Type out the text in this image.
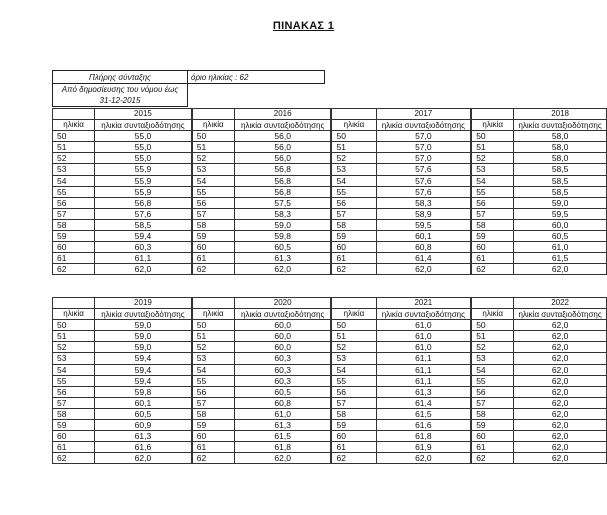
ΠΙΝΑΚΑΣ 1
Πλήρης σύνταξης	όριο ηλικίας : 62
Από δημοσίευσης του νόμου έως 31-12-2015	
	2015
ηλικία	ηλικία συνταξιοδότησης
50	55,0
51	55,0
52	55,0
53	55,9
54	55,9
55	55,9
56	56,8
57	57,6
58	58,5
59	59,4
60	60,3
61	61,1
62	62,0
	2016
ηλικία	ηλικία συνταξιοδότησης
50	56,0
51	56,0
52	56,0
53	56,8
54	56,8
55	56,8
56	57,5
57	58,3
58	59,0
59	59,8
60	60,5
61	61,3
62	62,0
	2017
ηλικία	ηλικία συνταξιοδότησης
50	57,0
51	57,0
52	57,0
53	57,6
54	57,6
55	57,6
56	58,3
57	58,9
58	59,5
59	60,1
60	60,8
61	61,4
62	62,0
	2018
ηλικία	ηλικία συνταξιοδότησης
50	58,0
51	58,0
52	58,0
53	58,5
54	58,5
55	58,5
56	59,0
57	59,5
58	60,0
59	60,5
60	61,0
61	61,5
62	62,0
	2019
ηλικία	ηλικία συνταξιοδότησης
50	59,0
51	59,0
52	59,0
53	59,4
54	59,4
55	59,4
56	59,8
57	60,1
58	60,5
59	60,9
60	61,3
61	61,6
62	62,0
	2020
ηλικία	ηλικία συνταξιοδότησης
50	60,0
51	60,0
52	60,0
53	60,3
54	60,3
55	60,3
56	60,5
57	60,8
58	61,0
59	61,3
60	61,5
61	61,8
62	62,0
	2021
ηλικία	ηλικία συνταξιοδότησης
50	61,0
51	61,0
52	61,0
53	61,1
54	61,1
55	61,1
56	61,3
57	61,4
58	61,5
59	61,6
60	61,8
61	61,9
62	62,0
	2022
ηλικία	ηλικία συνταξιοδότησης
50	62,0
51	62,0
52	62,0
53	62,0
54	62,0
55	62,0
56	62,0
57	62,0
58	62,0
59	62,0
60	62,0
61	62,0
62	62,0
